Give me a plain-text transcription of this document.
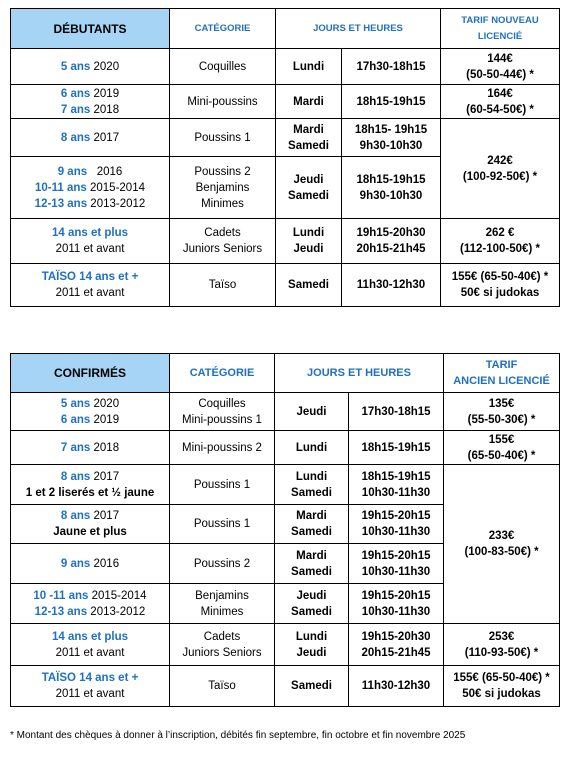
DÉBUTANTS	CATÉGORIE	JOURS ET HEURES		TARIF NOUVEAU
LICENCIÉ

5 ans 2020	Coquilles	Lundi	17h30-18h15	144€
(50-50-44€) *

6 ans 2019
7 ans 2018	Mini-poussins	Mardi	18h15-19h15	164€
(60-54-50€) *

8 ans 2017	Poussins 1	Mardi
Samedi	18h15- 19h15
9h30-10h30	242€
(100-92-50€) *

9 ans   2016
10-11 ans 2015-2014
12-13 ans 2013-2012	Poussins 2
Benjamins
Minimes	Jeudi
Samedi	18h15-19h15
9h30-10h30	

14 ans et plus
2011 et avant	Cadets
Juniors Seniors	Lundi
Jeudi	19h15-20h30
20h15-21h45	262 €
(112-100-50€) *

TAÏSO 14 ans et +
2011 et avant	Taïso	Samedi	11h30-12h30	155€ (65-50-40€) *
50€ si judokas
CONFIRMÉS	CATÉGORIE	JOURS ET HEURES		TARIF
ANCIEN LICENCIÉ

5 ans 2020
6 ans 2019	Coquilles
Mini-poussins 1	Jeudi	17h30-18h15	135€
(55-50-30€) *

7 ans 2018	Mini-poussins 2	Lundi	18h15-19h15	155€
(65-50-40€) *

8 ans 2017
1 et 2 liserés et ½ jaune	Poussins 1	Lundi
Samedi	18h15-19h15
10h30-11h30	233€
(100-83-50€) *

8 ans 2017
Jaune et plus	Poussins 1	Mardi
Samedi	19h15-20h15
10h30-11h30	

9 ans 2016	Poussins 2	Mardi
Samedi	19h15-20h15
10h30-11h30	

10 -11 ans 2015-2014
12-13 ans 2013-2012	Benjamins
Minimes	Jeudi
Samedi	19h15-20h15
10h30-11h30	

14 ans et plus
2011 et avant	Cadets
Juniors Seniors	Lundi
Jeudi	19h15-20h30
20h15-21h45	253€
(110-93-50€) *

TAÏSO 14 ans et +
2011 et avant	Taïso	Samedi	11h30-12h30	155€ (65-50-40€) *
50€ si judokas
* Montant des chèques à donner à l’inscription, débités fin septembre, fin octobre et fin novembre 2025
